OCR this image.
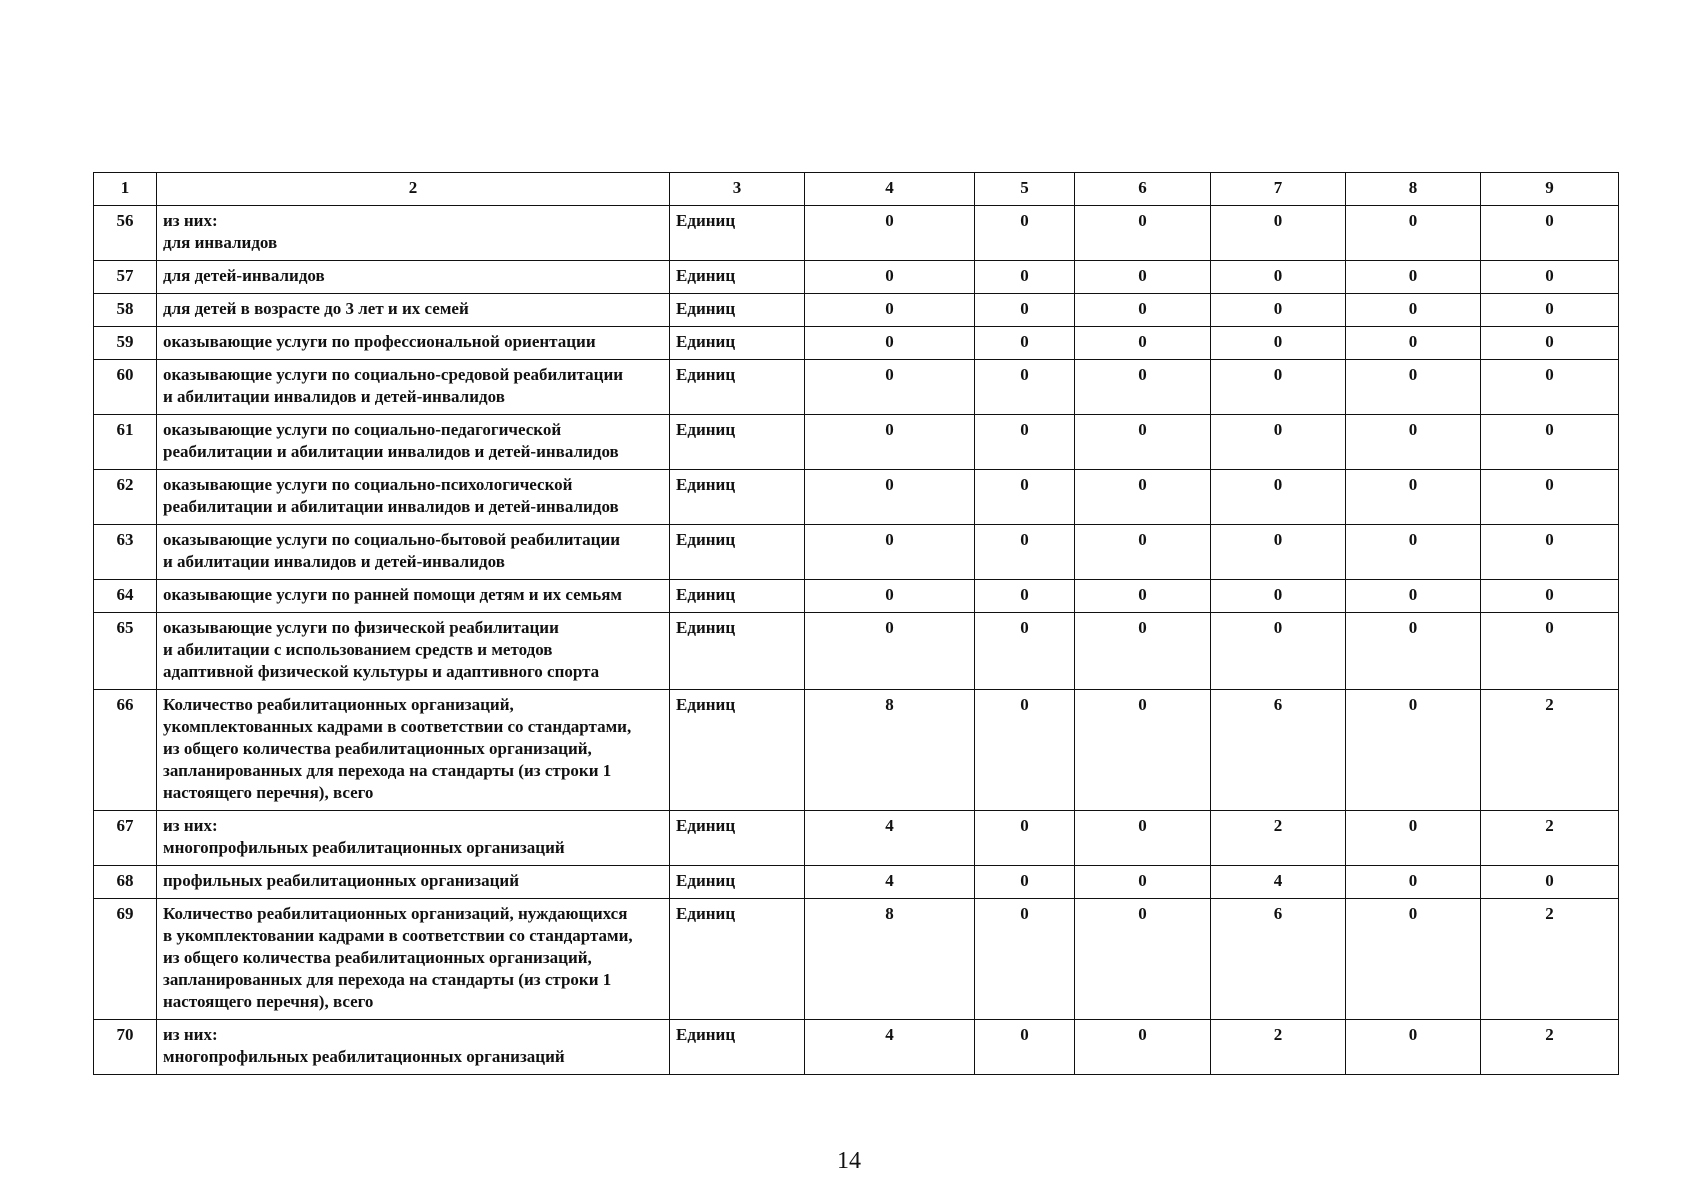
1	2	3	4	5	6	7	8	9
56	из них:
для инвалидов	Единиц	0	0	0	0	0	0
57	для детей-инвалидов	Единиц	0	0	0	0	0	0
58	для детей в возрасте до 3 лет и их семей	Единиц	0	0	0	0	0	0
59	оказывающие услуги по профессиональной ориентации	Единиц	0	0	0	0	0	0
60	оказывающие услуги по социально-средовой реабилитации
и абилитации инвалидов и детей-инвалидов	Единиц	0	0	0	0	0	0
61	оказывающие услуги по социально-педагогической
реабилитации и абилитации инвалидов и детей-инвалидов	Единиц	0	0	0	0	0	0
62	оказывающие услуги по социально-психологической
реабилитации и абилитации инвалидов и детей-инвалидов	Единиц	0	0	0	0	0	0
63	оказывающие услуги по социально-бытовой реабилитации
и абилитации инвалидов и детей-инвалидов	Единиц	0	0	0	0	0	0
64	оказывающие услуги по ранней помощи детям и их семьям	Единиц	0	0	0	0	0	0
65	оказывающие услуги по физической реабилитации
и абилитации с использованием средств и методов
адаптивной физической культуры и адаптивного спорта	Единиц	0	0	0	0	0	0
66	Количество реабилитационных организаций,
укомплектованных кадрами в соответствии со стандартами,
из общего количества реабилитационных организаций,
запланированных для перехода на стандарты (из строки 1
настоящего перечня), всего	Единиц	8	0	0	6	0	2
67	из них:
многопрофильных реабилитационных организаций	Единиц	4	0	0	2	0	2
68	профильных реабилитационных организаций	Единиц	4	0	0	4	0	0
69	Количество реабилитационных организаций, нуждающихся
в укомплектовании кадрами в соответствии со стандартами,
из общего количества реабилитационных организаций,
запланированных для перехода на стандарты (из строки 1
настоящего перечня), всего	Единиц	8	0	0	6	0	2
70	из них:
многопрофильных реабилитационных организаций	Единиц	4	0	0	2	0	2
14
